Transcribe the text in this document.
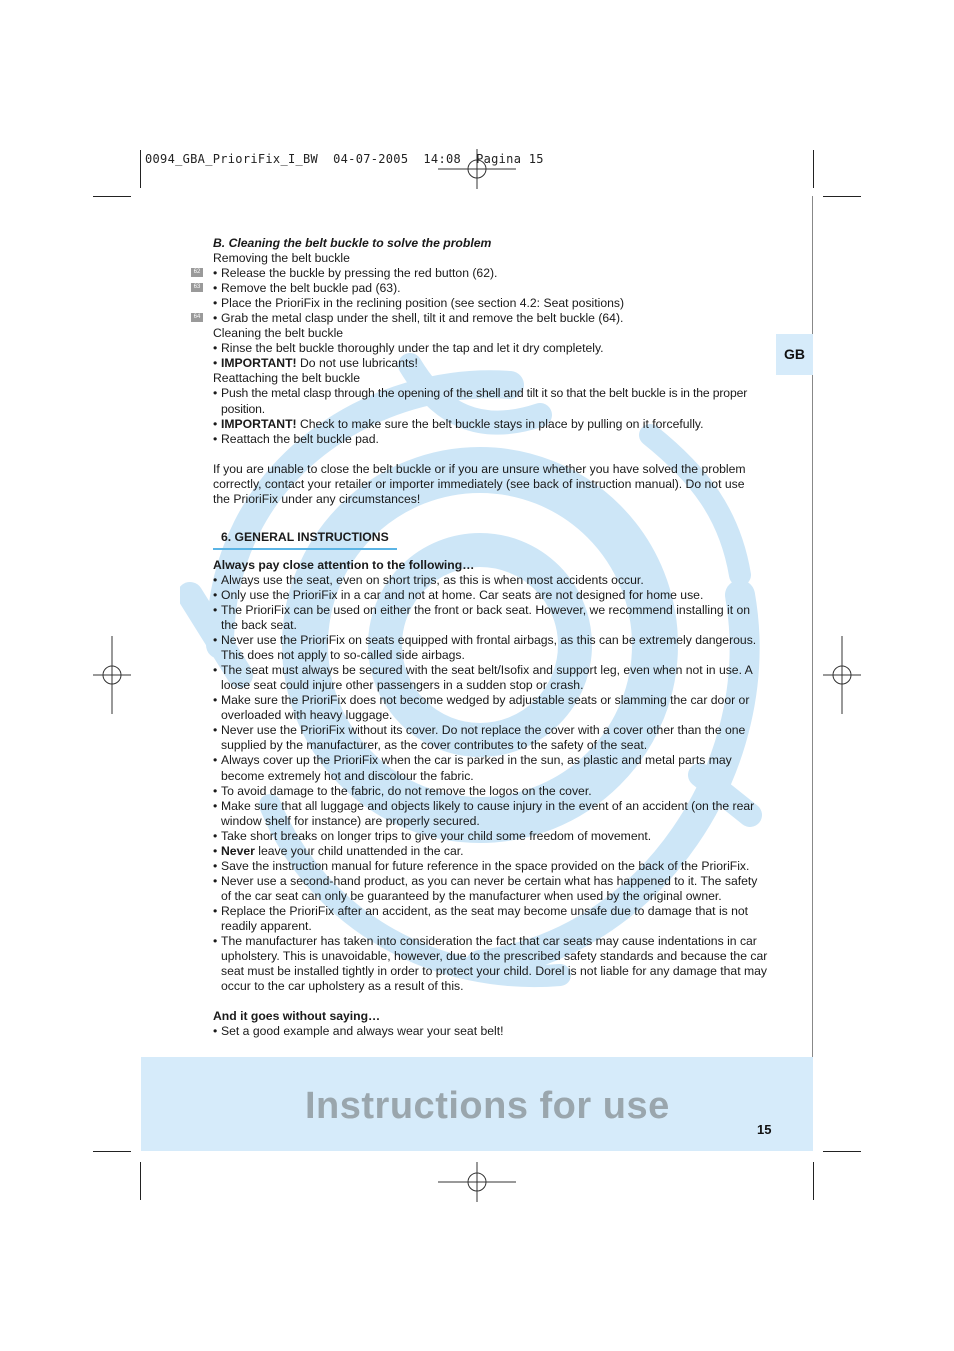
0094_GBA_PrioriFix_I_BW  04-07-2005  14:08  Pagina 15
GB
62
63
64

B. Cleaning the belt buckle to solve the problem

Removing the belt buckle

• Release the buckle by pressing the red button (62).

• Remove the belt buckle pad (63).

• Place the PrioriFix in the reclining position (see section 4.2: Seat positions)

• Grab the metal clasp under the shell, tilt it and remove the belt buckle (64).

Cleaning the belt buckle

• Rinse the belt buckle thoroughly under the tap and let it dry completely.

• IMPORTANT! Do not use lubricants!

Reattaching the belt buckle

• Push the metal clasp through the opening of the shell and tilt it so that the belt buckle is in the proper position.

• IMPORTANT! Check to make sure the belt buckle stays in place by pulling on it forcefully.

• Reattach the belt buckle pad.

If you are unable to close the belt buckle or if you are unsure whether you have solved the problem correctly, contact your retailer or importer immediately (see back of instruction manual). Do not use the PrioriFix under any circumstances!

6. GENERAL INSTRUCTIONS

Always pay close attention to the following…

• Always use the seat, even on short trips, as this is when most accidents occur.

• Only use the PrioriFix in a car and not at home. Car seats are not designed for home use.

• The PrioriFix can be used on either the front or back seat. However, we recommend installing it on the back seat.

• Never use the PrioriFix on seats equipped with frontal airbags, as this can be extremely dangerous. This does not apply to so-called side airbags.

• The seat must always be secured with the seat belt/Isofix and support leg, even when not in use. A loose seat could injure other passengers in a sudden stop or crash.

• Make sure the PrioriFix does not become wedged by adjustable seats or slamming the car door or overloaded with heavy luggage.

• Never use the PrioriFix without its cover. Do not replace the cover with a cover other than the one supplied by the manufacturer, as the cover contributes to the safety of the seat.

• Always cover up the PrioriFix when the car is parked in the sun, as plastic and metal parts may become extremely hot and discolour the fabric.

• To avoid damage to the fabric, do not remove the logos on the cover.

• Make sure that all luggage and objects likely to cause injury in the event of an accident (on the rear window shelf for instance) are properly secured.

• Take short breaks on longer trips to give your child some freedom of movement.

• Never leave your child unattended in the car.

• Save the instruction manual for future reference in the space provided on the back of the PrioriFix.

• Never use a second-hand product, as you can never be certain what has happened to it. The safety of the car seat can only be guaranteed by the manufacturer when used by the original owner.

• Replace the PrioriFix after an accident, as the seat may become unsafe due to damage that is not readily apparent.

• The manufacturer has taken into consideration the fact that car seats may cause indentations in car upholstery. This is unavoidable, however, due to the prescribed safety standards and because the car seat must be installed tightly in order to protect your child. Dorel is not liable for any damage that may occur to the car upholstery as a result of this.

And it goes without saying…

• Set a good example and always wear your seat belt!

Instructions for use
15
